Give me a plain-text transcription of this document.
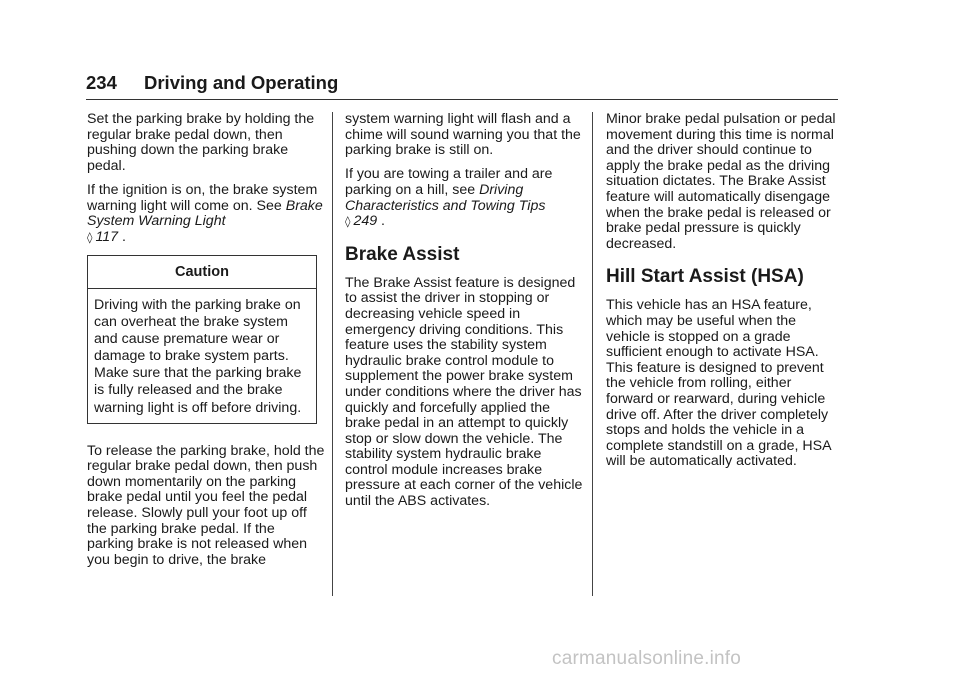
234 Driving and Operating

Set the parking brake by holding the regular brake pedal down, then pushing down the parking brake pedal.

If the ignition is on, the brake system warning light will come on. See Brake System Warning Light
◊ 117 .

Caution
Driving with the parking brake on can overheat the brake system and cause premature wear or damage to brake system parts. Make sure that the parking brake is fully released and the brake warning light is off before driving.

To release the parking brake, hold the regular brake pedal down, then push down momentarily on the parking brake pedal until you feel the pedal release. Slowly pull your foot up off the parking brake pedal. If the parking brake is not released when you begin to drive, the brake

system warning light will flash and a chime will sound warning you that the parking brake is still on.

If you are towing a trailer and are parking on a hill, see Driving Characteristics and Towing Tips
◊ 249 .

Brake Assist

The Brake Assist feature is designed to assist the driver in stopping or decreasing vehicle speed in emergency driving conditions. This feature uses the stability system hydraulic brake control module to supplement the power brake system under conditions where the driver has quickly and forcefully applied the brake pedal in an attempt to quickly stop or slow down the vehicle. The stability system hydraulic brake control module increases brake pressure at each corner of the vehicle until the ABS activates.

Minor brake pedal pulsation or pedal movement during this time is normal and the driver should continue to apply the brake pedal as the driving situation dictates. The Brake Assist feature will automatically disengage when the brake pedal is released or brake pedal pressure is quickly decreased.

Hill Start Assist (HSA)

This vehicle has an HSA feature, which may be useful when the vehicle is stopped on a grade sufficient enough to activate HSA. This feature is designed to prevent the vehicle from rolling, either forward or rearward, during vehicle drive off. After the driver completely stops and holds the vehicle in a complete standstill on a grade, HSA will be automatically activated.

carmanualsonline.info
